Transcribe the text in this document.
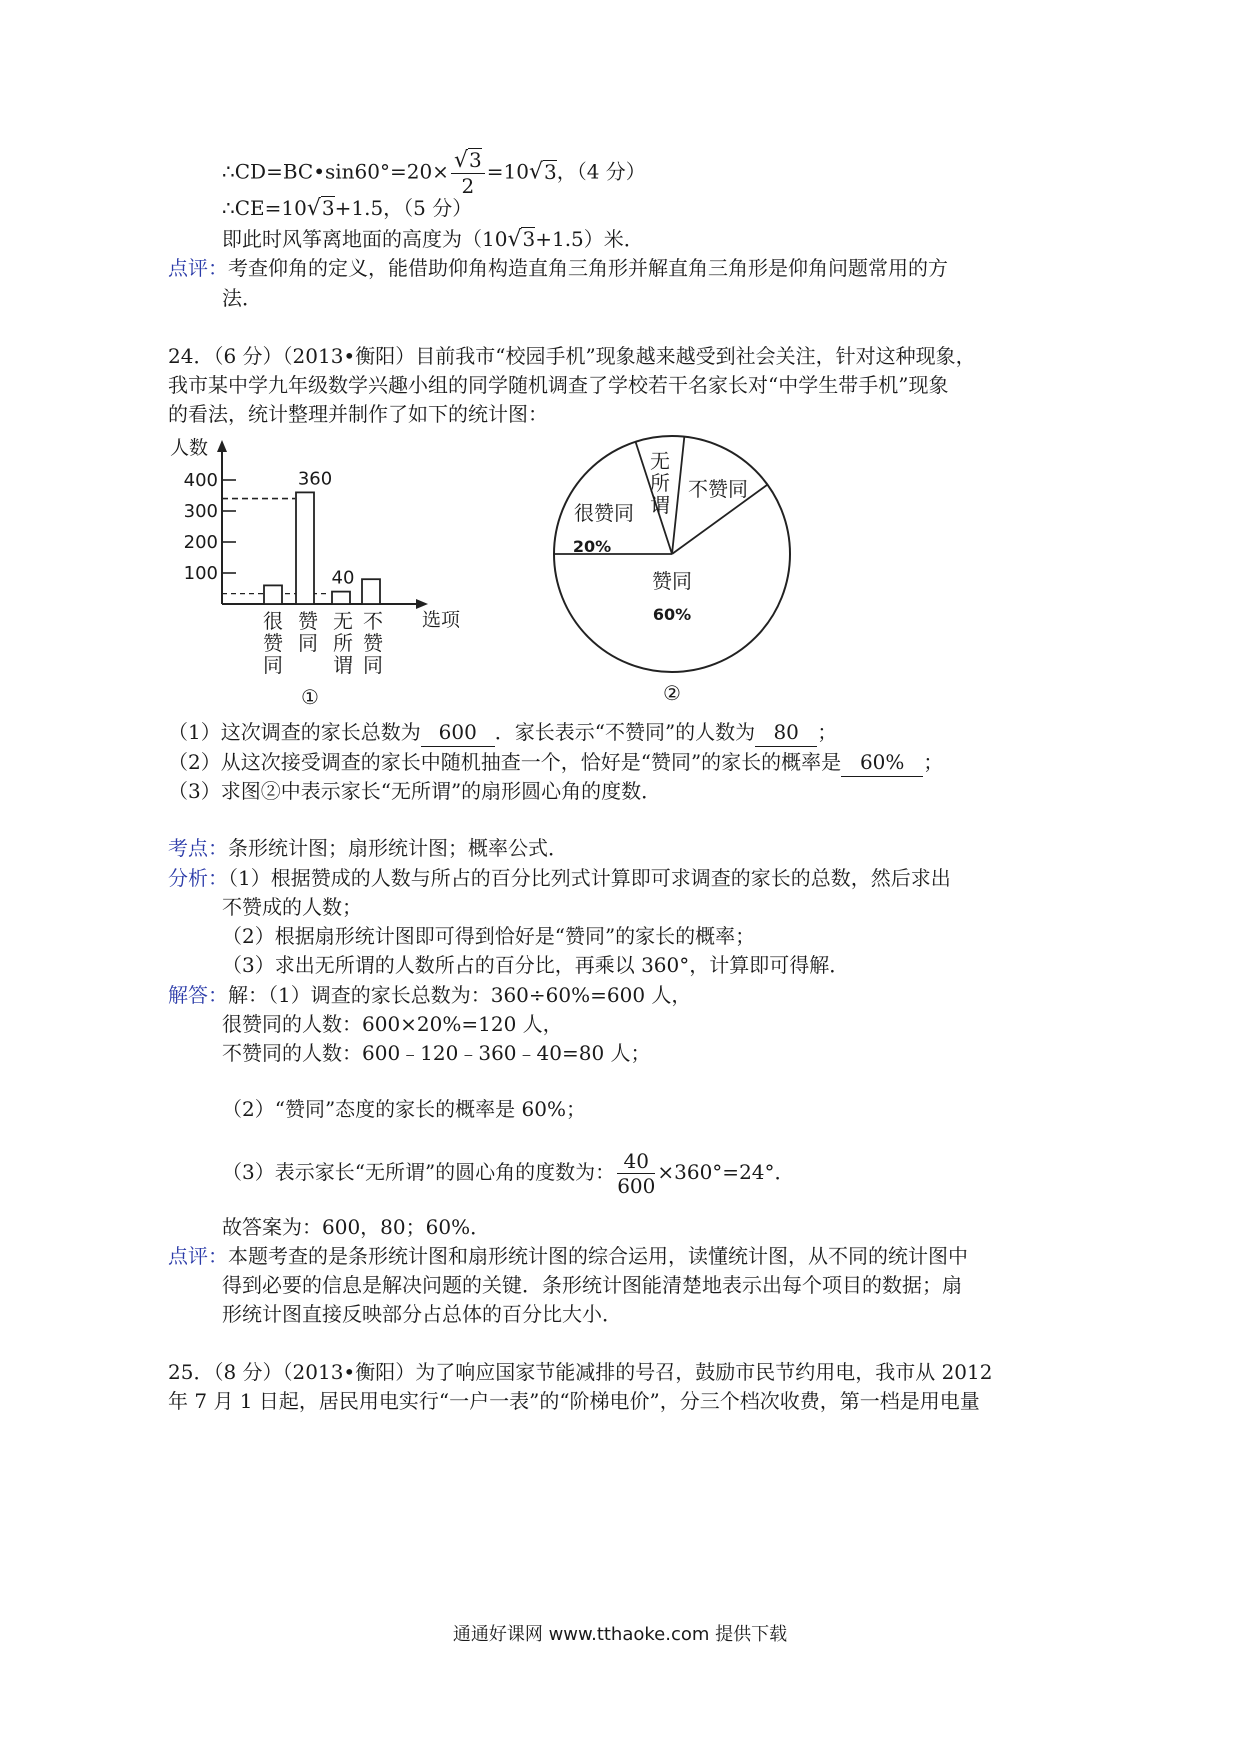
∴CD=BC•sin60°=20× $\frac{√3}{2} =10√3$，（4 分）
∴CE=10√3+1.5，（5 分）
即此时风筝离地面的高度为（10√3+1.5）米．
点评：考查仰角的定义，能借助仰角构造直角三角形并解直角三角形是仰角问题常用的方
法．
24．（6 分）（2013•衡阳）目前我市“校园手机”现象越来越受到社会关注，针对这种现象，
我市某中学九年级数学兴趣小组的同学随机调查了学校若干名家长对“中学生带手机”现象
的看法，统计整理并制作了如下的统计图：
人数
选项
400
300
200
100
很
赞
同
360
赞
同
40
无
所
谓
不
赞
同
①
很赞同
20%
无
所
谓
不赞同
赞同
60%
②
（1）这次调查的家长总数为 600 ．家长表示“不赞同”的人数为 80 ；
（2）从这次接受调查的家长中随机抽查一个，恰好是“赞同”的家长的概率是 60% ；
（3）求图②中表示家长“无所谓”的扇形圆心角的度数．
考点：条形统计图；扇形统计图；概率公式．
分析：（1）根据赞成的人数与所占的百分比列式计算即可求调查的家长的总数，然后求出
不赞成的人数；
（2）根据扇形统计图即可得到恰好是“赞同”的家长的概率；
（3）求出无所谓的人数所占的百分比，再乘以 360°，计算即可得解．
解答：解：（1）调查的家长总数为：360÷60%=600 人，
很赞同的人数：600×20%=120 人，
不赞同的人数：600﹣120﹣360﹣40=80 人；
（2）“赞同”态度的家长的概率是 60%；
（3）表示家长“无所谓”的圆心角的度数为： $\frac{40}{600} \times 360^\circ=24^\circ$．
故答案为：600，80；60%．
点评：本题考查的是条形统计图和扇形统计图的综合运用，读懂统计图，从不同的统计图中
得到必要的信息是解决问题的关键．条形统计图能清楚地表示出每个项目的数据；扇
形统计图直接反映部分占总体的百分比大小．
25．（8 分）（2013•衡阳）为了响应国家节能减排的号召，鼓励市民节约用电，我市从 2012
年 7 月 1 日起，居民用电实行“一户一表”的“阶梯电价”，分三个档次收费，第一档是用电量
通通好课网 www.tthaoke.com 提供下载
